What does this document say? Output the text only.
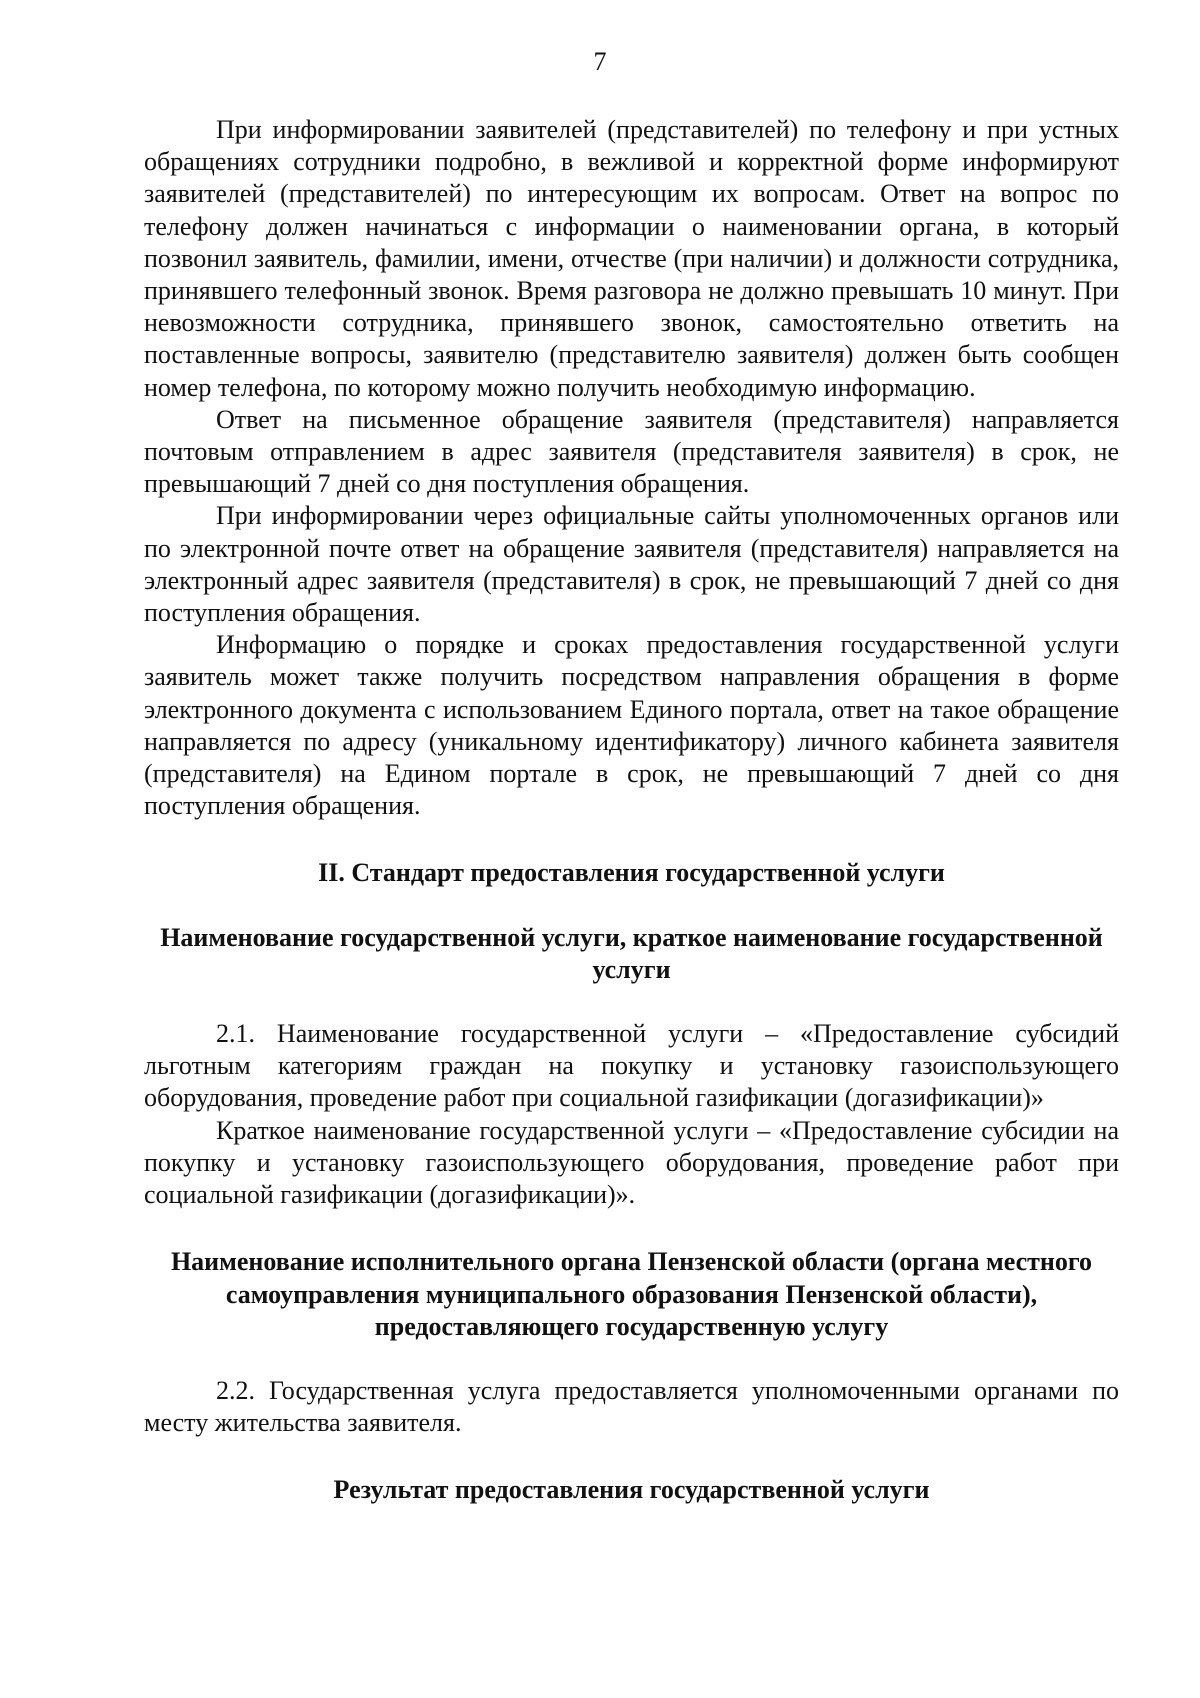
7

При информировании заявителей (представителей) по телефону и при устных обращениях сотрудники подробно, в вежливой и корректной форме информируют заявителей (представителей) по интересующим их вопросам. Ответ на вопрос по телефону должен начинаться с информации о наименовании органа, в который позвонил заявитель, фамилии, имени, отчестве (при наличии) и должности сотрудника, принявшего телефонный звонок. Время разговора не должно превышать 10 минут. При невозможности сотрудника, принявшего звонок, самостоятельно ответить на поставленные вопросы, заявителю (представителю заявителя) должен быть сообщен номер телефона, по которому можно получить необходимую информацию.

Ответ на письменное обращение заявителя (представителя) направляется почтовым отправлением в адрес заявителя (представителя заявителя) в срок, не превышающий 7 дней со дня поступления обращения.

При информировании через официальные сайты уполномоченных органов или по электронной почте ответ на обращение заявителя (представителя) направляется на электронный адрес заявителя (представителя) в срок, не превышающий 7 дней со дня поступления обращения.

Информацию о порядке и сроках предоставления государственной услуги заявитель может также получить посредством направления обращения в форме электронного документа с использованием Единого портала, ответ на такое обращение направляется по адресу (уникальному идентификатору) личного кабинета заявителя (представителя) на Едином портале в срок, не превышающий 7 дней со дня поступления обращения.

II. Стандарт предоставления государственной услуги
Наименование государственной услуги, краткое наименование государственной услуги

2.1. Наименование государственной услуги – «Предоставление субсидий льготным категориям граждан на покупку и установку газоиспользующего оборудования, проведение работ при социальной газификации (догазификации)»

Краткое наименование государственной услуги – «Предоставление субсидии на покупку и установку газоиспользующего оборудования, проведение работ при социальной газификации (догазификации)».

Наименование исполнительного органа Пензенской области (органа местного самоуправления муниципального образования Пензенской области), предоставляющего государственную услугу

2.2. Государственная услуга предоставляется уполномоченными органами по месту жительства заявителя.

Результат предоставления государственной услуги
